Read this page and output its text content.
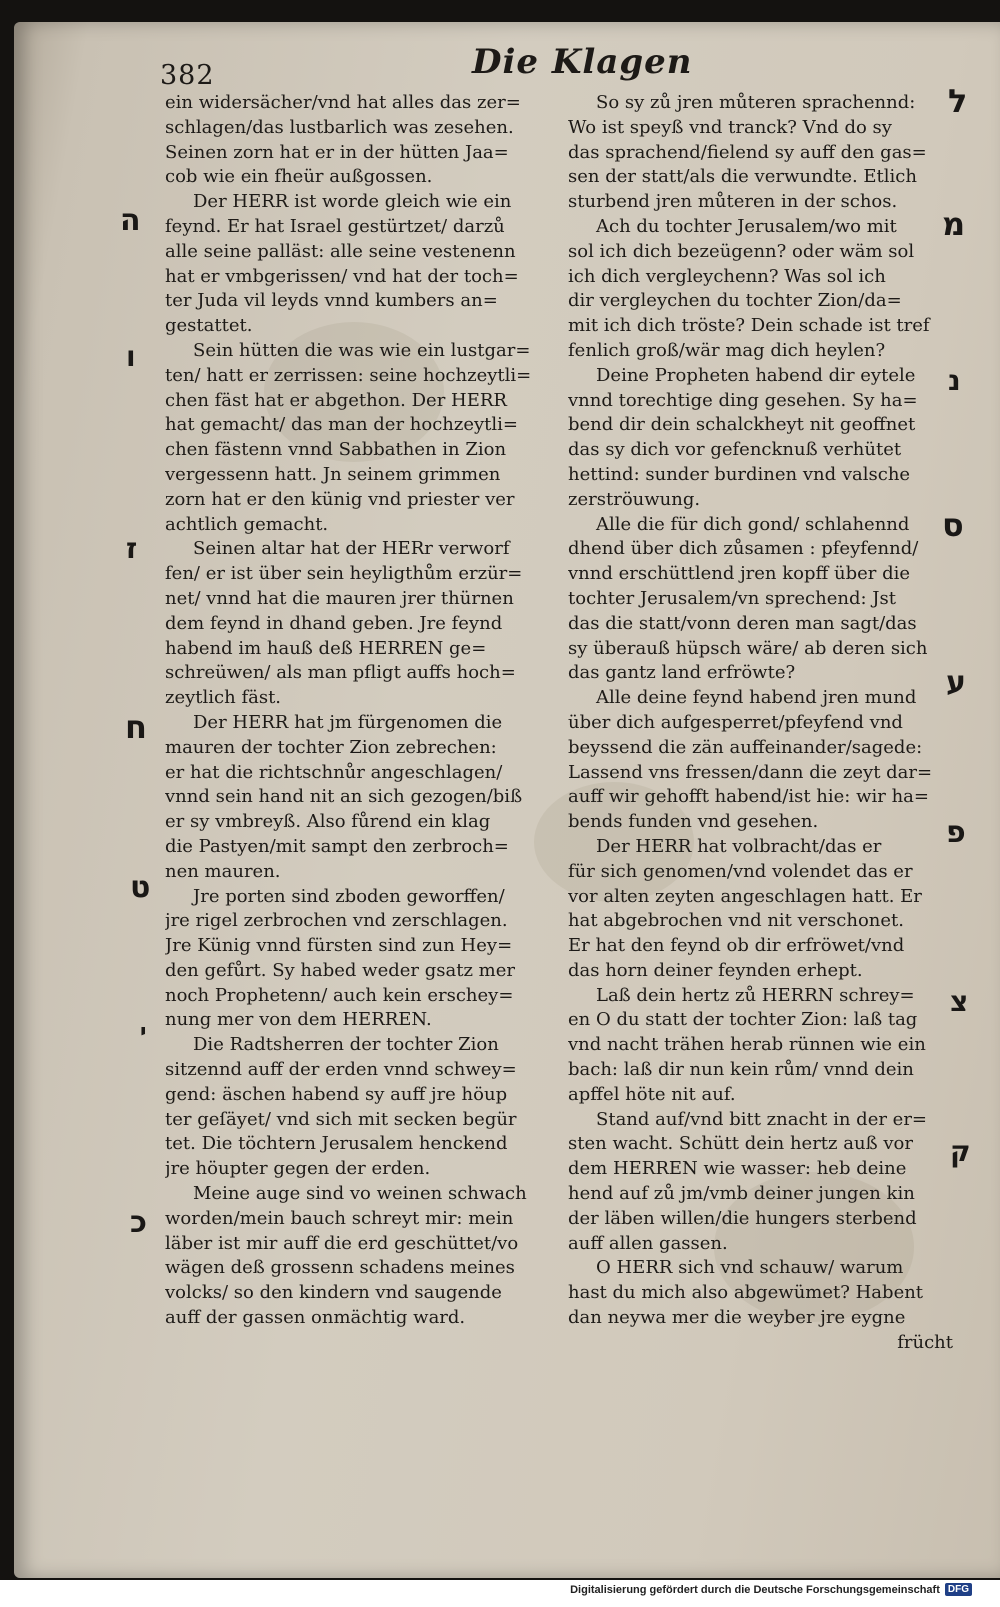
382	Die Klagen

ein widersächer/vnd hat alles das zer=

schlagen/das lustbarlich was zesehen.

Seinen zorn hat er in der hütten Jaa=

cob wie ein fheür außgossen.

Der HERR ist worde gleich wie ein

feynd. Er hat Israel gestürtzet/ darzů

alle seine palläst: alle seine vestenenn

hat er vmbgerissen/ vnd hat der toch=

ter Juda vil leyds vnnd kumbers an=

gestattet.

Sein hütten die was wie ein lustgar=

ten/ hatt er zerrissen: seine hochzeytli=

chen fäst hat er abgethon. Der HERR

hat gemacht/ das man der hochzeytli=

chen fästenn vnnd Sabbathen in Zion

vergessenn hatt. Jn seinem grimmen

zorn hat er den künig vnd priester ver

achtlich gemacht.

Seinen altar hat der HERr verworf

fen/ er ist über sein heyligthům erzür=

net/ vnnd hat die mauren jrer thürnen

dem feynd in dhand geben. Jre feynd

habend im hauß deß HERREN ge=

schreüwen/ als man pfligt auffs hoch=

zeytlich fäst.

Der HERR hat jm fürgenomen die

mauren der tochter Zion zebrechen:

er hat die richtschnůr angeschlagen/

vnnd sein hand nit an sich gezogen/biß

er sy vmbreyß. Also fůrend ein klag

die Pastyen/mit sampt den zerbroch=

nen mauren.

Jre porten sind zboden geworffen/

jre rigel zerbrochen vnd zerschlagen.

Jre Künig vnnd fürsten sind zun Hey=

den gefůrt. Sy habed weder gsatz mer

noch Prophetenn/ auch kein erschey=

nung mer von dem HERREN.

Die Radtsherren der tochter Zion

sitzennd auff der erden vnnd schwey=

gend: äschen habend sy auff jre höup

ter geſäyet/ vnd sich mit secken begür

tet. Die töchtern Jerusalem henckend

jre höupter gegen der erden.

Meine auge sind vo weinen schwach

worden/mein bauch schreyt mir: mein

läber ist mir auff die erd geschüttet/vo

wägen deß grossenn schadens meines

volcks/ so den kindern vnd saugende

auff der gassen onmächtig ward.

So sy zů jren můteren sprachennd:

Wo ist speyß vnd tranck? Vnd do sy

das sprachend/fielend sy auff den gas=

sen der statt/als die verwundte. Etlich

sturbend jren můteren in der schos.

Ach du tochter Jerusalem/wo mit

sol ich dich bezeügenn? oder wäm sol

ich dich vergleychenn? Was sol ich

dir vergleychen du tochter Zion/da=

mit ich dich tröste? Dein schade ist tref

fenlich groß/wär mag dich heylen?

Deine Propheten habend dir eytele

vnnd torechtige ding gesehen. Sy ha=

bend dir dein schalckheyt nit geoffnet

das sy dich vor gefencknuß verhütet

hettind: sunder burdinen vnd valsche

zerströuwung.

Alle die für dich gond/ schlahennd

dhend über dich zůsamen : pfeyfennd/

vnnd erschüttlend jren kopff über die

tochter Jerusalem/vn sprechend: Jst

das die statt/vonn deren man sagt/das

sy überauß hüpsch wäre/ ab deren sich

das gantz land erfröwte?

Alle deine feynd habend jren mund

über dich aufgesperret/pfeyfend vnd

beyssend die zän auffeinander/sagede:

Lassend vns fressen/dann die zeyt dar=

auff wir gehofft habend/ist hie: wir ha=

bends funden vnd gesehen.

Der HERR hat volbracht/das er

für sich genomen/vnd volendet das er

vor alten zeyten angeschlagen hatt. Er

hat abgebrochen vnd nit verschonet.

Er hat den feynd ob dir erfröwet/vnd

das horn deiner feynden erhept.

Laß dein hertz zů HERRN schrey=

en O du statt der tochter Zion: laß tag

vnd nacht trähen herab rünnen wie ein

bach: laß dir nun kein rům/ vnnd dein

apffel höte nit auf.

Stand auf/vnd bitt znacht in der er=

sten wacht. Schütt dein hertz auß vor

dem HERREN wie wasser: heb deine

hend auf zů jm/vmb deiner jungen kin

der läben willen/die hungers sterbend

auff allen gassen.

O HERR sich vnd schauw/ warum

hast du mich also abgewümet? Habent

dan neywa mer die weyber jre eygne

frücht

ה
ו
ז
ח
ט
י
כ
ל
מ
נ
ס
ע
פ
צ
ק
Digitalisierung gefördert durch die Deutsche Forschungsgemeinschaft DFG
